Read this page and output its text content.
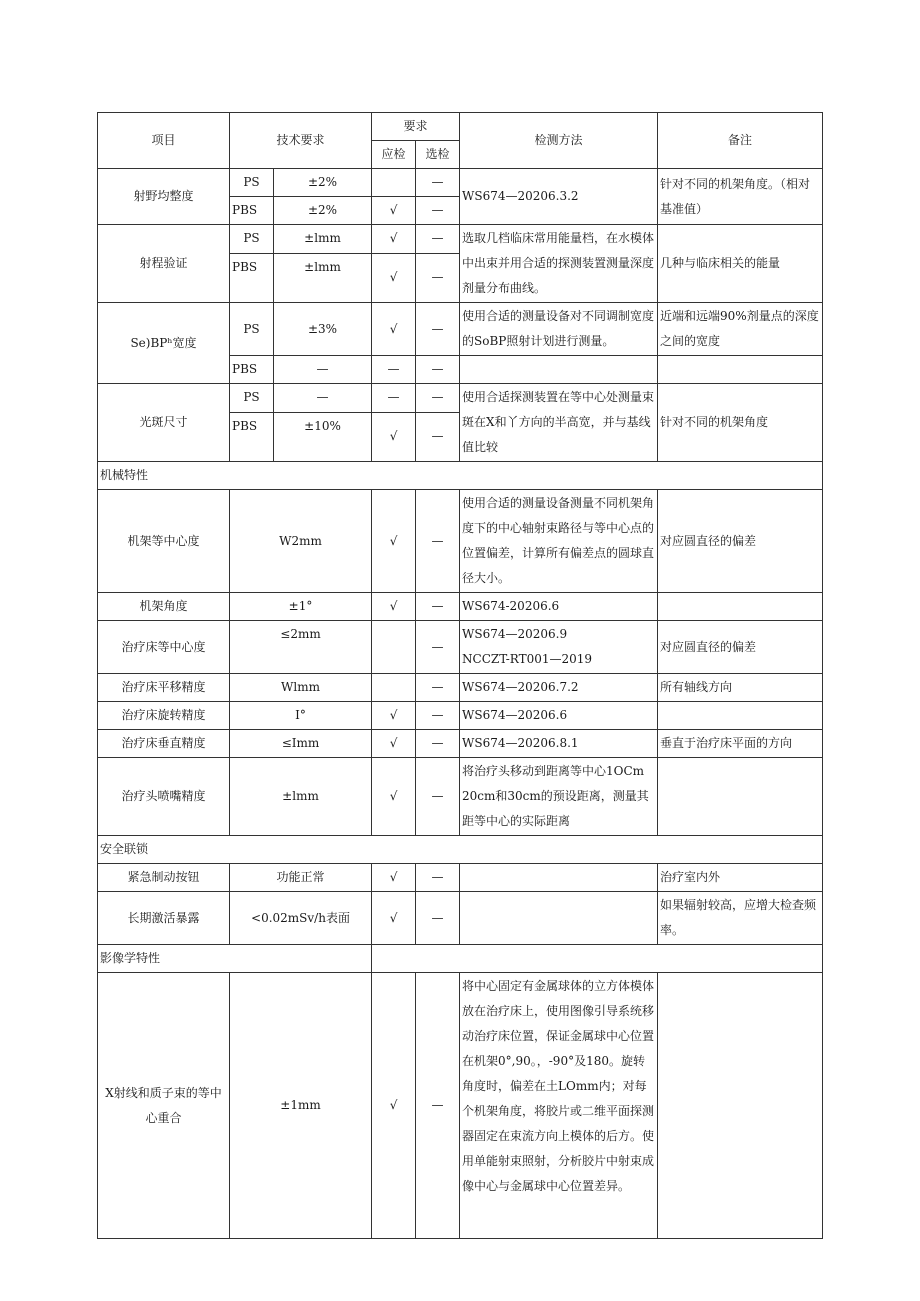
项目	技术要求		要求		检测方法	备注
			应检	选检		
射野均整度	PS	±2%		—	WS674—20206.3.2	针对不同的机架角度。（相对基准值）
	PBS	±2%	√	—		
射程验证	PS	±lmm	√	—	选取几档临床常用能量档，在水模体中出束并用合适的探测装置测量深度剂量分布曲线。	几种与临床相关的能量
	PBS	±lmm	√	—		
Se)BPʰ宽度	PS	±3%	√	—	使用合适的测量设备对不同调制宽度的SoBP照射计划进行测量。	近端和远端90%剂量点的深度之间的宽度
	PBS	—	—	—		
光斑尺寸	PS	—	—	—	使用合适探测装置在等中心处测量束斑在X和丫方向的半高宽，并与基线值比较	针对不同的机架角度
	PBS	±10%	√	—		
机械特性						
机架等中心度	W2mm		√	—	使用合适的测量设备测量不同机架角度下的中心轴射束路径与等中心点的位置偏差，计算所有偏差点的圆球直径大小。	对应圆直径的偏差
机架角度	±1°		√	—	WS674-20206.6	
治疗床等中心度	≤2mm			—	WS674—20206.9
NCCZT-RT001—2019	对应圆直径的偏差
治疗床平移精度	Wlmm			—	WS674—20206.7.2	所有轴线方向
治疗床旋转精度	I°		√	—	WS674—20206.6	
治疗床垂直精度	≤Imm		√	—	WS674—20206.8.1	垂直于治疗床平面的方向
治疗头喷嘴精度	±lmm		√	—	将治疗头移动到距离等中心1OCm 20cm和30cm的预设距离，测量其距等中心的实际距离	
安全联锁						
紧急制动按钮	功能正常		√	—		治疗室内外
长期激活暴露	<0.02mSv/h表面		√	—		如果辐射较高，应增大检查频率。
影像学特性						
X射线和质子束的等中心重合	±1mm		√	—	将中心固定有金属球体的立方体模体放在治疗床上，使用图像引导系统移动治疗床位置，保证金属球中心位置在机架0°,90。，-90°及180。旋转角度时，偏差在土LOmm内；对每个机架角度，将胶片或二维平面探测器固定在束流方向上模体的后方。使用单能射束照射，分析胶片中射束成像中心与金属球中心位置差异。	
